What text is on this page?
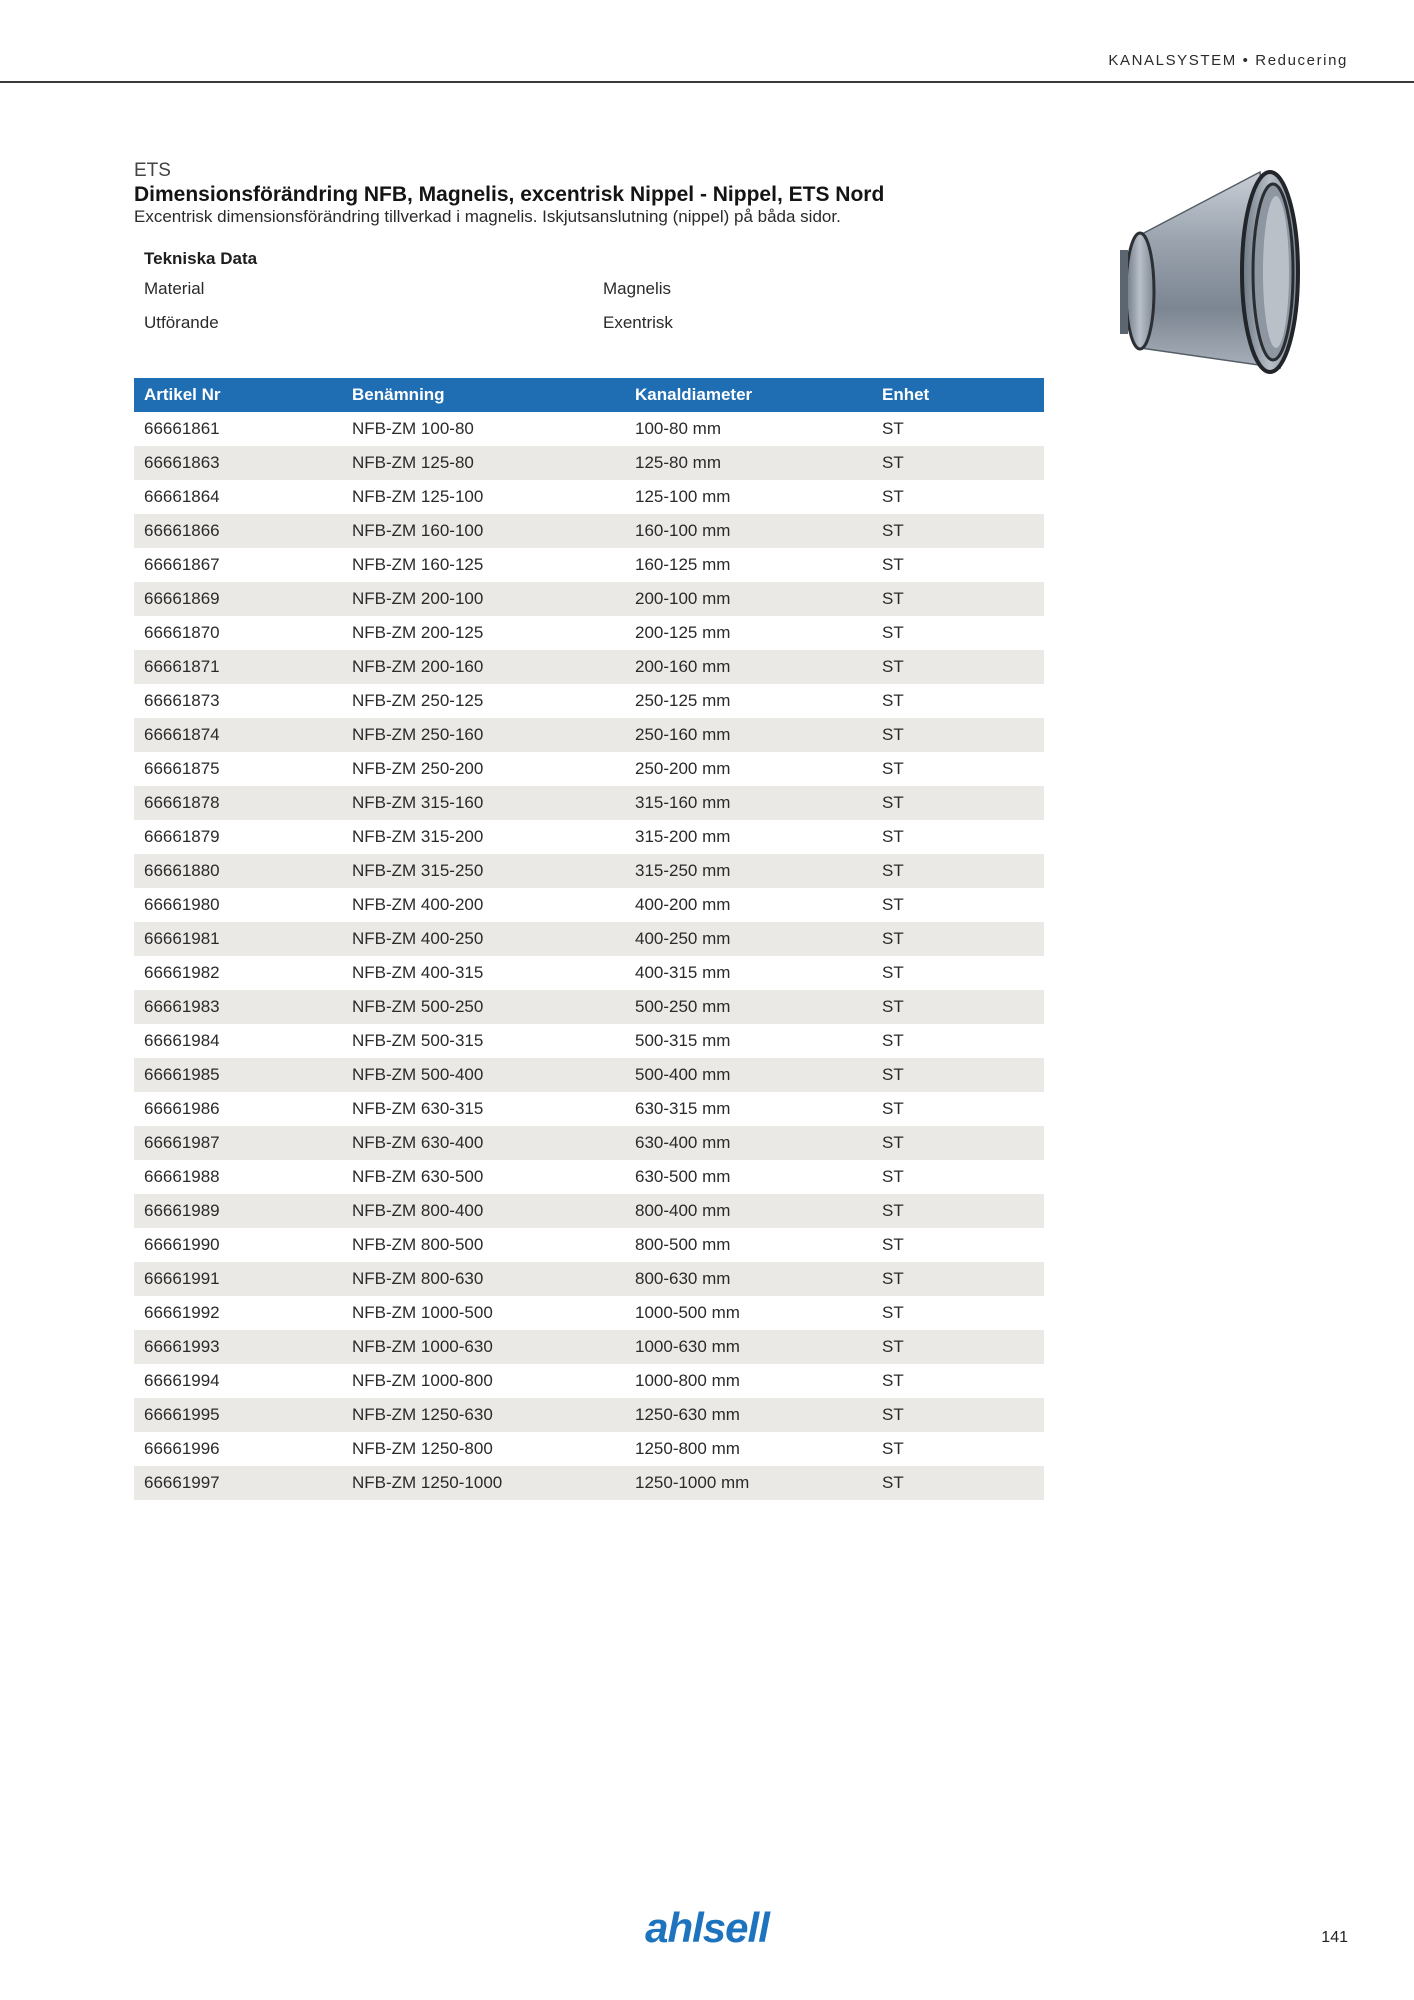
KANALSYSTEM • Reducering
ETS
Dimensionsförändring NFB, Magnelis, excentrisk Nippel - Nippel, ETS Nord
Excentrisk dimensionsförändring tillverkad i magnelis. Iskjutsanslutning (nippel) på båda sidor.
Tekniska Data
Material	Magnelis
Utförande	Exentrisk
Artikel Nr	Benämning	Kanaldiameter	Enhet
66661861	NFB-ZM 100-80	100-80 mm	ST
66661863	NFB-ZM 125-80	125-80 mm	ST
66661864	NFB-ZM 125-100	125-100 mm	ST
66661866	NFB-ZM 160-100	160-100 mm	ST
66661867	NFB-ZM 160-125	160-125 mm	ST
66661869	NFB-ZM 200-100	200-100 mm	ST
66661870	NFB-ZM 200-125	200-125 mm	ST
66661871	NFB-ZM 200-160	200-160 mm	ST
66661873	NFB-ZM 250-125	250-125 mm	ST
66661874	NFB-ZM 250-160	250-160 mm	ST
66661875	NFB-ZM 250-200	250-200 mm	ST
66661878	NFB-ZM 315-160	315-160 mm	ST
66661879	NFB-ZM 315-200	315-200 mm	ST
66661880	NFB-ZM 315-250	315-250 mm	ST
66661980	NFB-ZM 400-200	400-200 mm	ST
66661981	NFB-ZM 400-250	400-250 mm	ST
66661982	NFB-ZM 400-315	400-315 mm	ST
66661983	NFB-ZM 500-250	500-250 mm	ST
66661984	NFB-ZM 500-315	500-315 mm	ST
66661985	NFB-ZM 500-400	500-400 mm	ST
66661986	NFB-ZM 630-315	630-315 mm	ST
66661987	NFB-ZM 630-400	630-400 mm	ST
66661988	NFB-ZM 630-500	630-500 mm	ST
66661989	NFB-ZM 800-400	800-400 mm	ST
66661990	NFB-ZM 800-500	800-500 mm	ST
66661991	NFB-ZM 800-630	800-630 mm	ST
66661992	NFB-ZM 1000-500	1000-500 mm	ST
66661993	NFB-ZM 1000-630	1000-630 mm	ST
66661994	NFB-ZM 1000-800	1000-800 mm	ST
66661995	NFB-ZM 1250-630	1250-630 mm	ST
66661996	NFB-ZM 1250-800	1250-800 mm	ST
66661997	NFB-ZM 1250-1000	1250-1000 mm	ST
ahlsell	141
